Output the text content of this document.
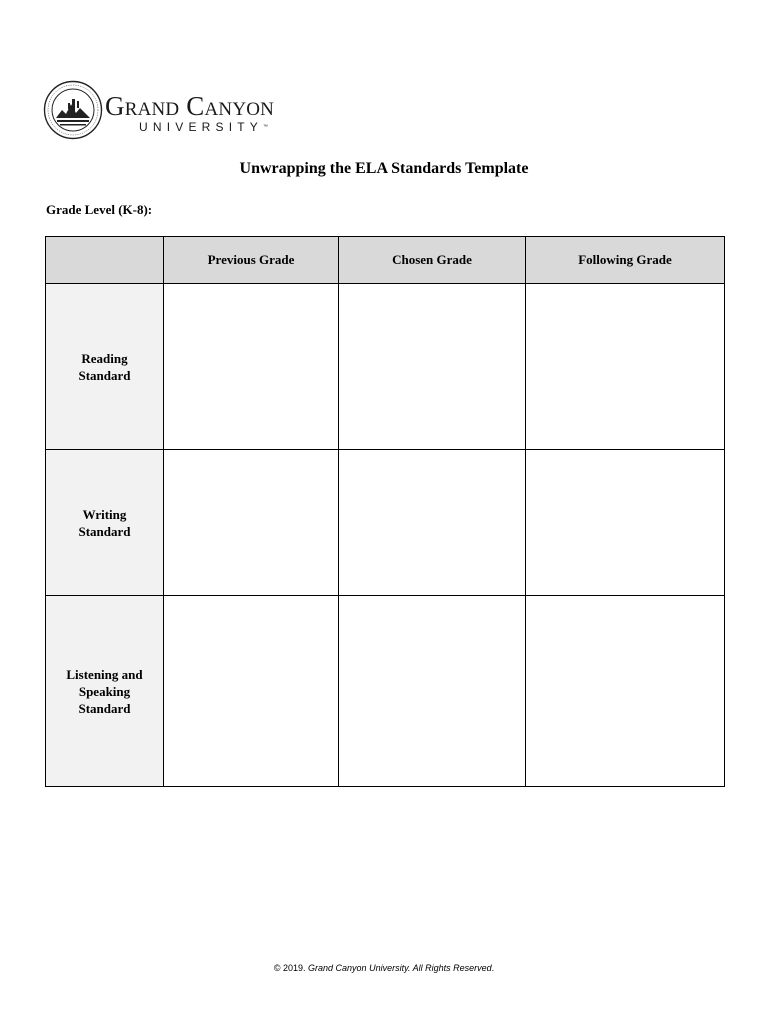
Grand Canyon
UNIVERSITY™
Unwrapping the ELA Standards Template
Grade Level (K-8):
	Previous Grade	Chosen Grade	Following Grade
Reading Standard			
Writing Standard			
Listening and Speaking Standard			
© 2019. Grand Canyon University. All Rights Reserved.
